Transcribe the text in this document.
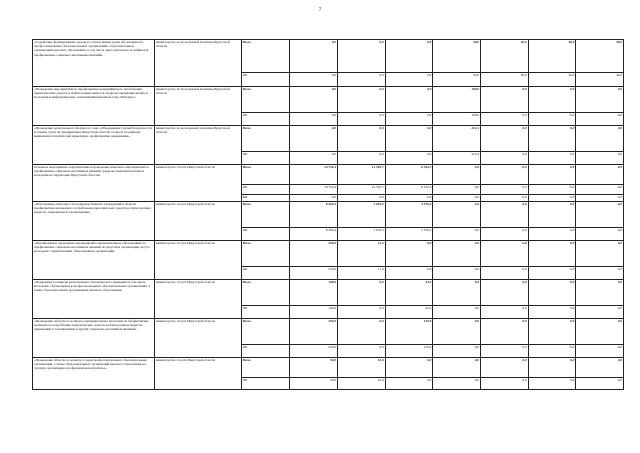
7
«Содействие формированию здорового образа жизни среди обучающихся в профессиональных образовательных организациях, образовательных организациях высшего образования, в том числе через деятельность кабинетов профилактики социально-негативных явлений»	министерство по молодежной политике Иркутской области	Всего	0,0	0,0	0,0	30,0	30,0	30,0	30,0
		ОБ	0,0	0,0	0,0	30,0	30,0	30,0	30,0
«Проведение мероприятий по профилактике немедицинского потребления наркотических средств и психотропных веществ среди несовершеннолетних и молодежи в информационно-телекоммуникационной сети «Интернет»	министерство по молодежной политике Иркутской области	Всего	0,0	0,0	0,0	100,0	0,0	0,0	0,0
		ОБ	0,0	0,0	0,0	100,0	0,0	0,0	0,0
«Проведение регионального форума по теме «Объединение усилий безопасности и охраны труда на предприятиях Иркутской области. О мерах по раннему выявлению потребителей наркотиков, профилактике наркомании»	министерство по молодежной политике Иркутской области	Всего	0,0	0,0	0,0	212,4	0,0	0,0	0,0
		ОБ	0,0	0,0	0,0	212,4	0,0	0,0	0,0
Основное мероприятие «Организация и проведение комплекса мероприятий по профилактике социально-негативных явлений среди несовершеннолетних и молодежи на территории Иркутской области»	министерство спорта Иркутской области	Всего	16 750,4	14 510,7	6 522,3	0,0	0,0	0,0	0,0
		ОБ	16 750,4	14 510,7	6 522,3	0,0	0,0	0,0	0,0
		ФБ	0,0	0,0	0,0	0,0	0,0	0,0	0,0
«Обеспечение деятельности подведомственных учреждений в области профилактики незаконного потребления наркотических средств и психотропных веществ, наркомании и токсикомании»	министерство спорта Иркутской области	Всего	8 300,4	7 633,2	3 576,2	0,0	0,0	0,0	0,0
		ОБ	8 300,4	7 633,2	3 576,2	0,0	0,0	0,0	0,0
«Организация и проведение мероприятий в муниципальных образованиях по профилактике социально-негативных явлений посредством организации досуга молодежи с привлечением общественных организаций»	министерство спорта Иркутской области	Всего	250,0	11,4	0,0	0,0	0,0	0,0	0,0
		ОБ	250,0	11,4	0,0	0,0	0,0	0,0	0,0
«Поддержка и развитие регионального волонтерского движения (в том числе молодежи, обучающейся в профессиональных образовательных организациях, а также образовательных организациях высшего образования»	министерство спорта Иркутской области	Всего	100,0	0,0	45,0	0,0	0,0	0,0	0,0
		ОБ	100,0	0,0	45,0	0,0	0,0	0,0	0,0
«Проведение областного конкурса муниципальных программ по профилактике незаконного потребления наркотических средств и психотропных веществ, наркомании и токсикомании и других социально-негативных явлений»	министерство спорта Иркутской области	Всего	250,0	0,0	135,0	0,0	0,0	0,0	0,0
		ОБ	250,0	0,0	135,0	0,0	0,0	0,0	0,0
«Проведение областного конкурса среди профессиональных образовательных организаций, а также образовательных организаций высшего образования на лучшую организацию профилактической работы»	министерство спорта Иркутской области	Всего	50,0	10,0	0,0	0,0	0,0	0,0	0,0
		ОБ	50,0	10,0	0,0	0,0	0,0	0,0	0,0
